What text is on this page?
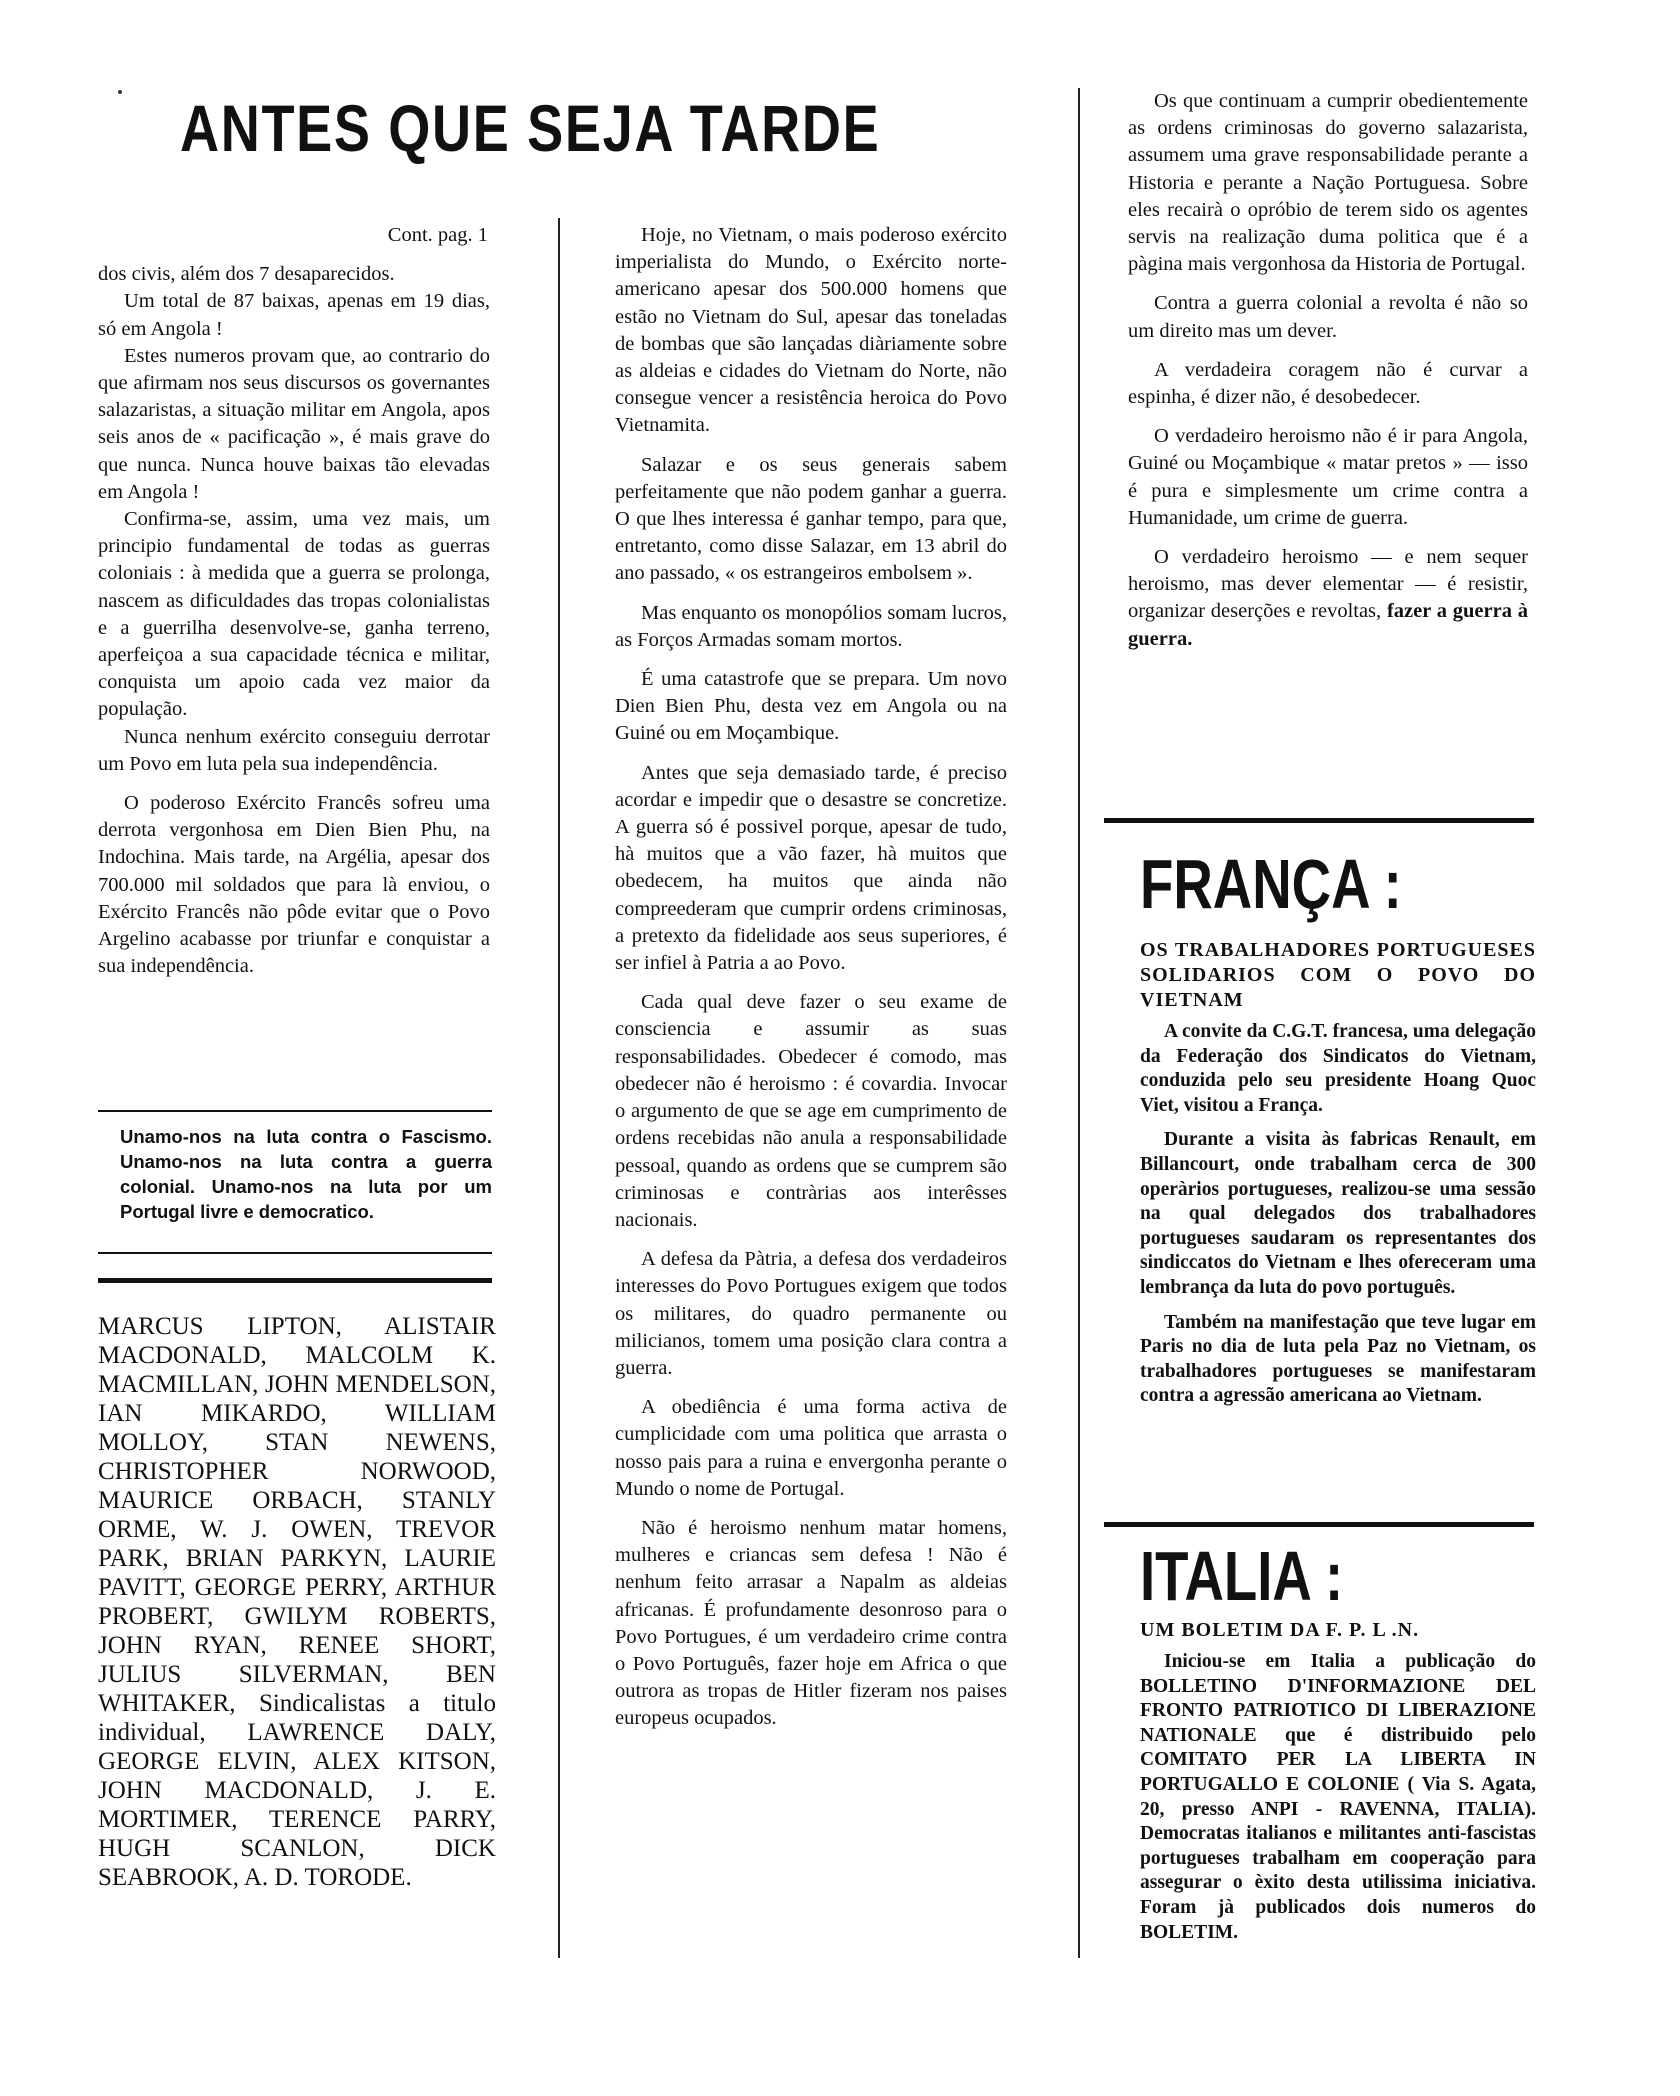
ANTES QUE SEJA TARDE

Cont. pag. 1

dos civis, além dos 7 desaparecidos.

Um total de 87 baixas, apenas em 19 dias, só em Angola !

Estes numeros provam que, ao contrario do que afirmam nos seus discursos os governantes salazaristas, a situação militar em Angola, apos seis anos de « pacificação », é mais grave do que nunca. Nunca houve baixas tão elevadas em Angola !

Confirma-se, assim, uma vez mais, um principio fundamental de todas as guerras coloniais : à medida que a guerra se prolonga, nascem as dificuldades das tropas colonialistas e a guerrilha desenvolve-se, ganha terreno, aperfeiçoa a sua capacidade técnica e militar, conquista um apoio cada vez maior da população.

Nunca nenhum exército conseguiu derrotar um Povo em luta pela sua independência.

O poderoso Exército Francês sofreu uma derrota vergonhosa em Dien Bien Phu, na Indochina. Mais tarde, na Argélia, apesar dos 700.000 mil soldados que para là enviou, o Exército Francês não pôde evitar que o Povo Argelino acabasse por triunfar e conquistar a sua independência.

Unamo-nos na luta contra o Fascismo. Unamo-nos na luta contra a guerra colonial. Unamo-nos na luta por um Portugal livre e democratico.
MARCUS LIPTON, ALISTAIR MACDONALD, MALCOLM K. MACMILLAN, JOHN MENDELSON, IAN MIKARDO, WILLIAM MOLLOY, STAN NEWENS, CHRISTOPHER NORWOOD, MAURICE ORBACH, STANLY ORME, W. J. OWEN, TREVOR PARK, BRIAN PARKYN, LAURIE PAVITT, GEORGE PERRY, ARTHUR PROBERT, GWILYM ROBERTS, JOHN RYAN, RENEE SHORT, JULIUS SILVERMAN, BEN WHITAKER, Sindicalistas a titulo individual, LAWRENCE DALY, GEORGE ELVIN, ALEX KITSON, JOHN MACDONALD, J. E. MORTIMER, TERENCE PARRY, HUGH SCANLON, DICK SEABROOK, A. D. TORODE.

Hoje, no Vietnam, o mais poderoso exército imperialista do Mundo, o Exército norte-americano apesar dos 500.000 homens que estão no Vietnam do Sul, apesar das toneladas de bombas que são lançadas diàriamente sobre as aldeias e cidades do Vietnam do Norte, não consegue vencer a resistência heroica do Povo Vietnamita.

Salazar e os seus generais sabem perfeitamente que não podem ganhar a guerra. O que lhes interessa é ganhar tempo, para que, entretanto, como disse Salazar, em 13 abril do ano passado, « os estrangeiros embolsem ».

Mas enquanto os monopólios somam lucros, as Forços Armadas somam mortos.

É uma catastrofe que se prepara. Um novo Dien Bien Phu, desta vez em Angola ou na Guiné ou em Moçambique.

Antes que seja demasiado tarde, é preciso acordar e impedir que o desastre se concretize. A guerra só é possivel porque, apesar de tudo, hà muitos que a vão fazer, hà muitos que obedecem, ha muitos que ainda não compreederam que cumprir ordens criminosas, a pretexto da fidelidade aos seus superiores, é ser infiel à Patria a ao Povo.

Cada qual deve fazer o seu exame de consciencia e assumir as suas responsabilidades. Obedecer é comodo, mas obedecer não é heroismo : é covardia. Invocar o argumento de que se age em cumprimento de ordens recebidas não anula a responsabilidade pessoal, quando as ordens que se cumprem são criminosas e contràrias aos interêsses nacionais.

A defesa da Pàtria, a defesa dos verdadeiros interesses do Povo Portugues exigem que todos os militares, do quadro permanente ou milicianos, tomem uma posição clara contra a guerra.

A obediência é uma forma activa de cumplicidade com uma politica que arrasta o nosso pais para a ruina e envergonha perante o Mundo o nome de Portugal.

Não é heroismo nenhum matar homens, mulheres e criancas sem defesa ! Não é nenhum feito arrasar a Napalm as aldeias africanas. É profundamente desonroso para o Povo Portugues, é um verdadeiro crime contra o Povo Português, fazer hoje em Africa o que outrora as tropas de Hitler fizeram nos paises europeus ocupados.

Os que continuam a cumprir obedientemente as ordens criminosas do governo salazarista, assumem uma grave responsabilidade perante a Historia e perante a Nação Portuguesa. Sobre eles recairà o opróbio de terem sido os agentes servis na realização duma politica que é a pàgina mais vergonhosa da Historia de Portugal.

Contra a guerra colonial a revolta é não so um direito mas um dever.

A verdadeira coragem não é curvar a espinha, é dizer não, é desobedecer.

O verdadeiro heroismo não é ir para Angola, Guiné ou Moçambique « matar pretos » — isso é pura e simplesmente um crime contra a Humanidade, um crime de guerra.

O verdadeiro heroismo — e nem sequer heroismo, mas dever elementar — é resistir, organizar deserções e revoltas, fazer a guerra à guerra.

FRANÇA :
OS TRABALHADORES PORTUGUESES SOLIDARIOS COM O POVO DO VIETNAM

A convite da C.G.T. francesa, uma delegação da Federação dos Sindicatos do Vietnam, conduzida pelo seu presidente Hoang Quoc Viet, visitou a França.

Durante a visita às fabricas Renault, em Billancourt, onde trabalham cerca de 300 operàrios portugueses, realizou-se uma sessão na qual delegados dos trabalhadores portugueses saudaram os representantes dos sindiccatos do Vietnam e lhes ofereceram uma lembrança da luta do povo português.

Também na manifestação que teve lugar em Paris no dia de luta pela Paz no Vietnam, os trabalhadores portugueses se manifestaram contra a agressão americana ao Vietnam.

ITALIA :
UM BOLETIM DA F. P. L .N.

Iniciou-se em Italia a publicação do BOLLETINO D'INFORMAZIONE DEL FRONTO PATRIOTICO DI LIBERAZIONE NATIONALE que é distribuido pelo COMITATO PER LA LIBERTA IN PORTUGALLO E COLONIE ( Via S. Agata, 20, presso ANPI - RAVENNA, ITALIA). Democratas italianos e militantes anti-fascistas portugueses trabalham em cooperação para assegurar o èxito desta utilissima iniciativa. Foram jà publicados dois numeros do BOLETIM.
